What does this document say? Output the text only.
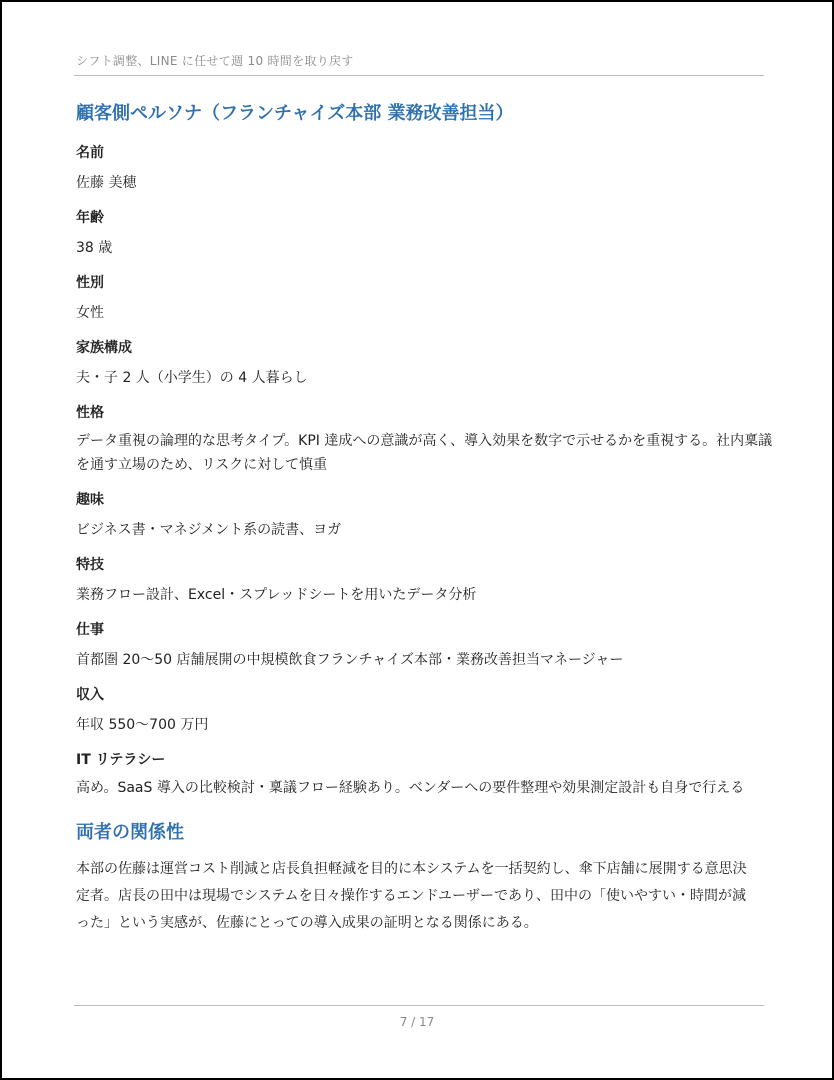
シフト調整、LINE に任せて週 10 時間を取り戻す
顧客側ペルソナ（フランチャイズ本部 業務改善担当）
名前
佐藤 美穂
年齢
38 歳
性別
女性
家族構成
夫・子 2 人（小学生）の 4 人暮らし
性格
データ重視の論理的な思考タイプ。KPI 達成への意識が高く、導入効果を数字で示せるかを重視する。社内稟議を通す立場のため、リスクに対して慎重
趣味
ビジネス書・マネジメント系の読書、ヨガ
特技
業務フロー設計、Excel・スプレッドシートを用いたデータ分析
仕事
首都圏 20〜50 店舗展開の中規模飲食フランチャイズ本部・業務改善担当マネージャー
収入
年収 550〜700 万円
IT リテラシー
高め。SaaS 導入の比較検討・稟議フロー経験あり。ベンダーへの要件整理や効果測定設計も自身で行える
両者の関係性
本部の佐藤は運営コスト削減と店長負担軽減を目的に本システムを一括契約し、傘下店舗に展開する意思決定者。店長の田中は現場でシステムを日々操作するエンドユーザーであり、田中の「使いやすい・時間が減った」という実感が、佐藤にとっての導入成果の証明となる関係にある。
7 / 17
